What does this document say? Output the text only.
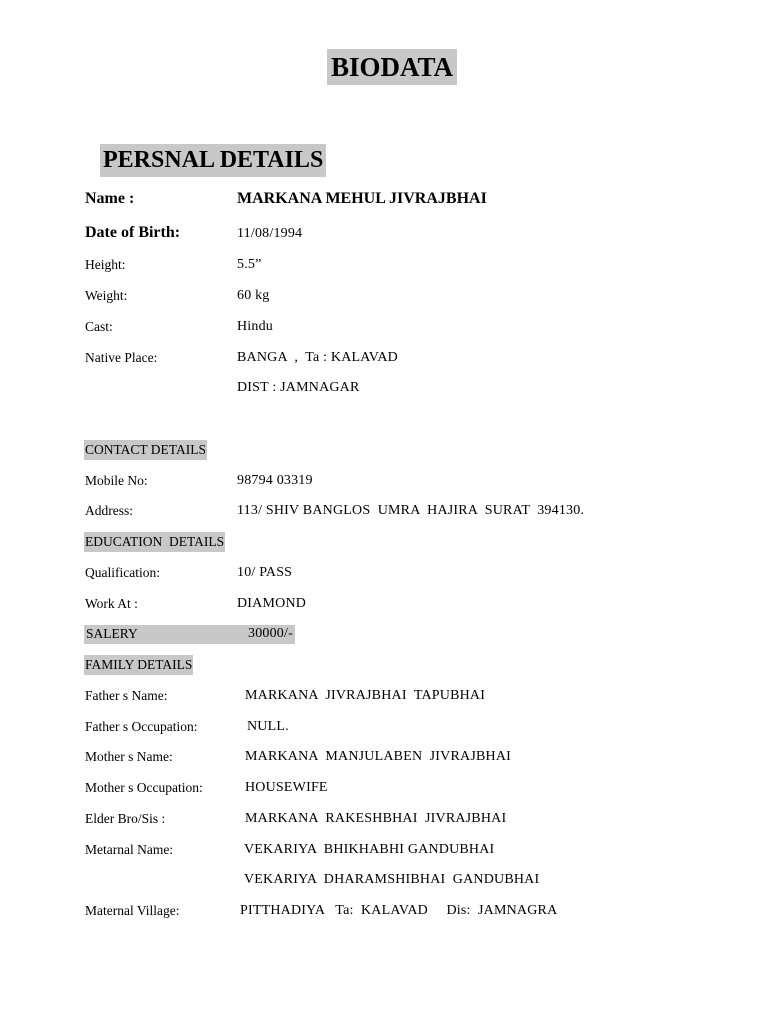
BIODATA
PERSNAL DETAILS
Name :	MARKANA MEHUL JIVRAJBHAI
Date of Birth:	11/08/1994
Height:	5.5”
Weight:	60 kg
Cast:	Hindu
Native Place:	BANGA  ,  Ta : KALAVAD
DIST : JAMNAGAR
CONTACT DETAILS
Mobile No:	98794 03319
Address:	113/ SHIV BANGLOS  UMRA  HAJIRA  SURAT  394130.
EDUCATION  DETAILS
Qualification:	10/ PASS
Work At :	DIAMOND
SALERY	30000/-
FAMILY DETAILS
Father s Name:	MARKANA  JIVRAJBHAI  TAPUBHAI
Father s Occupation:	NULL.
Mother s Name:	MARKANA  MANJULABEN  JIVRAJBHAI
Mother s Occupation:	HOUSEWIFE
Elder Bro/Sis :	MARKANA  RAKESHBHAI  JIVRAJBHAI
Metarnal Name:	VEKARIYA  BHIKHABHI GANDUBHAI
VEKARIYA  DHARAMSHIBHAI  GANDUBHAI
Maternal Village:	PITTHADIYA   Ta:  KALAVAD     Dis:  JAMNAGRA
